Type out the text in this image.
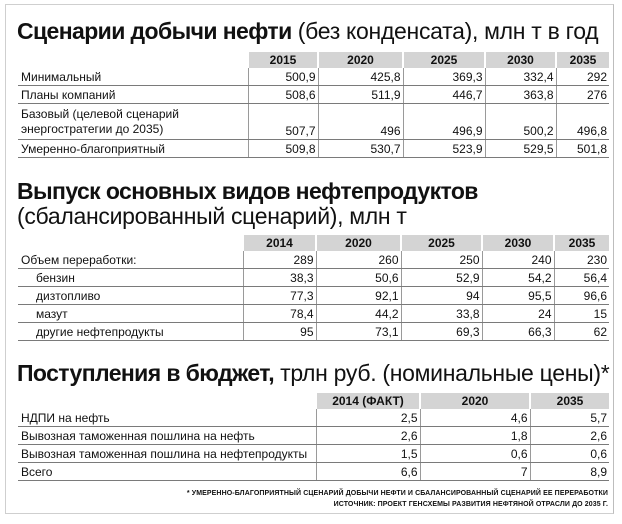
Сценарии добычи нефти (без конденсата), млн т в год
	2015	2020	2025	2030	2035
Минимальный	500,9	425,8	369,3	332,4	292
Планы компаний	508,6	511,9	446,7	363,8	276

Базовый (целевой сценарий
энергостратегии до 2035)	507,7	496	496,9	500,2	496,8
Умеренно-благоприятный	509,8	530,7	523,9	529,5	501,8
Выпуск основных видов нефтепродуктов
(сбалансированный сценарий), млн т
	2014	2020	2025	2030	2035
Объем переработки:	289	260	250	240	230
бензин	38,3	50,6	52,9	54,2	56,4
дизтопливо	77,3	92,1	94	95,5	96,6
мазут	78,4	44,2	33,8	24	15
другие нефтепродукты	95	73,1	69,3	66,3	62
Поступления в бюджет, трлн руб. (номинальные цены)*
	2014 (ФАКТ)	2020	2035
НДПИ на нефть	2,5	4,6	5,7
Вывозная таможенная пошлина на нефть	2,6	1,8	2,6
Вывозная таможенная пошлина на нефтепродукты	1,5	0,6	0,6
Всего	6,6	7	8,9
* УМЕРЕННО-БЛАГОПРИЯТНЫЙ СЦЕНАРИЙ ДОБЫЧИ НЕФТИ И СБАЛАНСИРОВАННЫЙ СЦЕНАРИЙ ЕЕ ПЕРЕРАБОТКИ
ИСТОЧНИК: ПРОЕКТ ГЕНСХЕМЫ РАЗВИТИЯ НЕФТЯНОЙ ОТРАСЛИ ДО 2035 Г.
